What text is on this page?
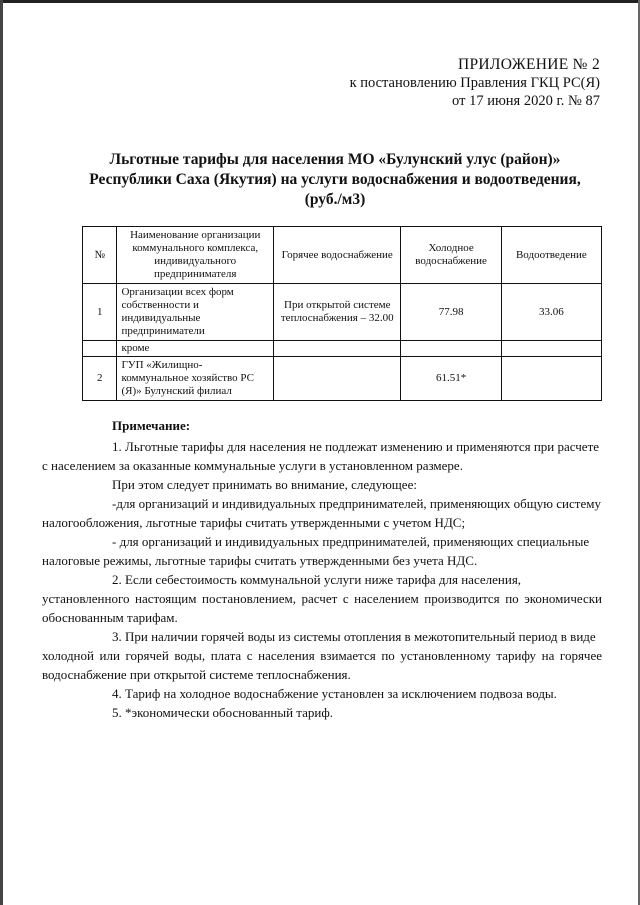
ПРИЛОЖЕНИЕ № 2
к постановлению Правления ГКЦ РС(Я)
от 17 июня 2020 г. № 87
Льготные тарифы для населения МО «Булунский улус (район)»
Республики Саха (Якутия) на услуги водоснабжения и водоотведения,
(руб./м3)
№	Наименование организации коммунального комплекса, индивидуального предпринимателя	Горячее водоснабжение	Холодное водоснабжение	Водоотведение
1	Организации всех форм собственности и индивидуальные предприниматели	При открытой системе теплоснабжения – 32.00	77.98	33.06
	кроме			
2	ГУП «Жилищно-коммунальное хозяйство РС (Я)» Булунский филиал		61.51*	
Примечание:

1. Льготные тарифы для населения не подлежат изменению и применяются при расчете

с населением за оказанные коммунальные услуги в установленном размере.

При этом следует принимать во внимание, следующее:

-для организаций и индивидуальных предпринимателей, применяющих общую систему

налогообложения, льготные тарифы считать утвержденными с учетом НДС;

- для организаций и индивидуальных предпринимателей, применяющих специальные

налоговые режимы, льготные тарифы считать утвержденными без учета НДС.

2. Если себестоимость коммунальной услуги ниже тарифа для населения,

установленного настоящим постановлением, расчет с населением производится по экономически обоснованным тарифам.

3. При наличии горячей воды из системы отопления в межотопительный период в виде

холодной или горячей воды, плата с населения взимается по установленному тарифу на горячее водоснабжение при открытой системе теплоснабжения.

4. Тариф на холодное водоснабжение установлен за исключением подвоза воды.

5. *экономически обоснованный тариф.
